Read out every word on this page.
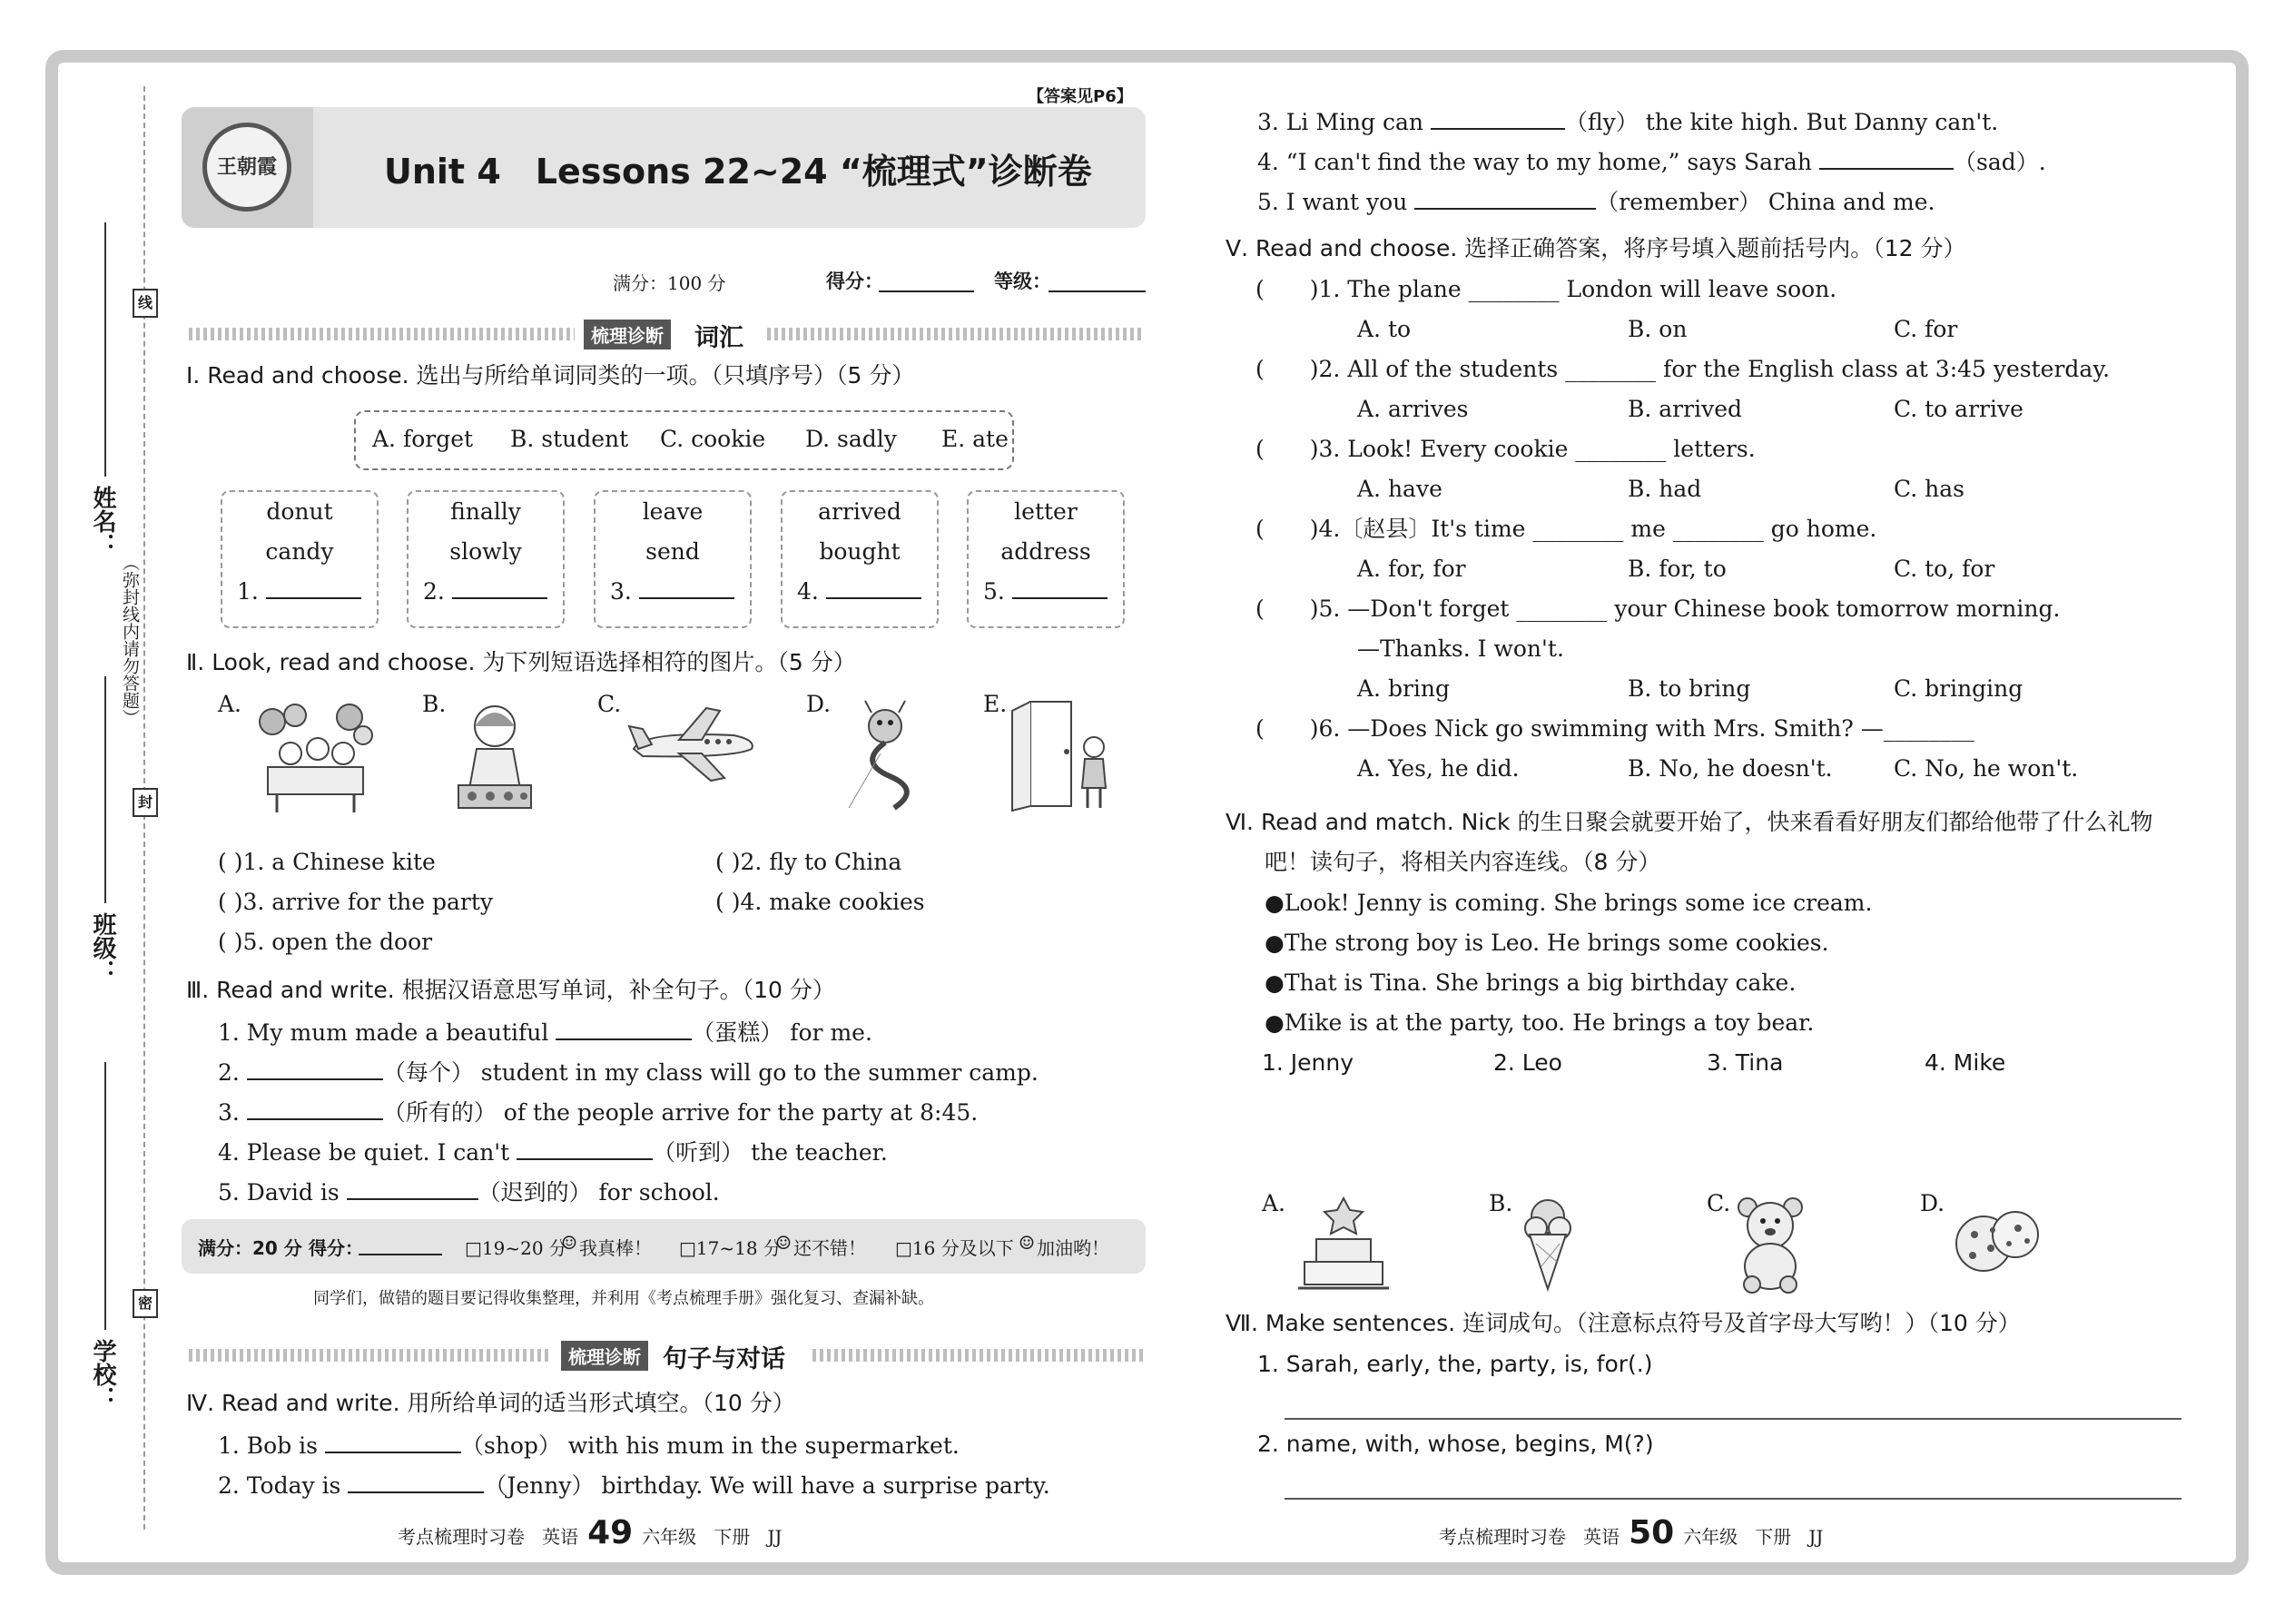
线
封
密
（弥封线内请勿答题）
姓名：
班级：
学校：
【答案见P6】
王朝霞	Unit 4　Lessons 22~24 “梳理式”诊断卷
满分：100 分	得分：	等级：
梳理诊断 词汇
Ⅰ. Read and choose. 选出与所给单词同类的一项。（只填序号）（5 分）
A. forget B. student C. cookie D. sadly E. ate
donut
candy
1.
finally
slowly
2.
leave
send
3.
arrived
bought
4.
letter
address
5.
Ⅱ. Look, read and choose. 为下列短语选择相符的图片。（5 分）
A.	B.	C.	D.	E.
( )1. a Chinese kite	( )2. fly to China
( )3. arrive for the party	( )4. make cookies
( )5. open the door
Ⅲ. Read and write. 根据汉语意思写单词，补全句子。（10 分）
1. My mum made a beautiful	（蛋糕） for me.
2.	（每个） student in my class will go to the summer camp.
3.	（所有的） of the people arrive for the party at 8:45.
4. Please be quiet. I can't	（听到） the teacher.
5. David is	（迟到的） for school.
满分：20 分 得分：	□19~20 分
☺ 我真棒！ □17~18 分
☺ 还不错！ □16 分及以下 ☺ 加油哟！
同学们，做错的题目要记得收集整理，并利用《考点梳理手册》强化复习、查漏补缺。
梳理诊断 句子与对话
Ⅳ. Read and write. 用所给单词的适当形式填空。（10 分）
1. Bob is	（shop） with his mum in the supermarket.
2. Today is	（Jenny） birthday. We will have a surprise party.
3. Li Ming can	（fly） the kite high. But Danny can't.
4. “I can't find the way to my home,” says Sarah	（sad）.
5. I want you	（remember） China and me.
考点梳理时习卷 英语 49 六年级 下册 JJ
Ⅴ. Read and choose. 选择正确答案，将序号填入题前括号内。（12 分）
(　　)1. The plane ________ London will leave soon.
A. to	B. on	C. for
(　　)2. All of the students ________ for the English class at 3:45 yesterday.
A. arrives	B. arrived	C. to arrive
(　　)3. Look! Every cookie ________ letters.
A. have	B. had	C. has
(　　)4.〔赵县〕It's time ________ me ________ go home.
A. for, for	B. for, to	C. to, for
(　　)5. —Don't forget ________ your Chinese book tomorrow morning.
—Thanks. I won't.
A. bring	B. to bring	C. bringing
(　　)6. —Does Nick go swimming with Mrs. Smith? —________
A. Yes, he did.	B. No, he doesn't.	C. No, he won't.
Ⅵ. Read and match. Nick 的生日聚会就要开始了，快来看看好朋友们都给他带了什么礼物
吧！读句子，将相关内容连线。（8 分）
●Look! Jenny is coming. She brings some ice cream.
●The strong boy is Leo. He brings some cookies.
●That is Tina. She brings a big birthday cake.
●Mike is at the party, too. He brings a toy bear.
1. Jenny	2. Leo	3. Tina	4. Mike
A.	B.	C.	D.
Ⅶ. Make sentences. 连词成句。（注意标点符号及首字母大写哟！）（10 分）
1. Sarah, early, the, party, is, for(.)
2. name, with, whose, begins, M(?)
考点梳理时习卷 英语 50 六年级 下册 JJ
